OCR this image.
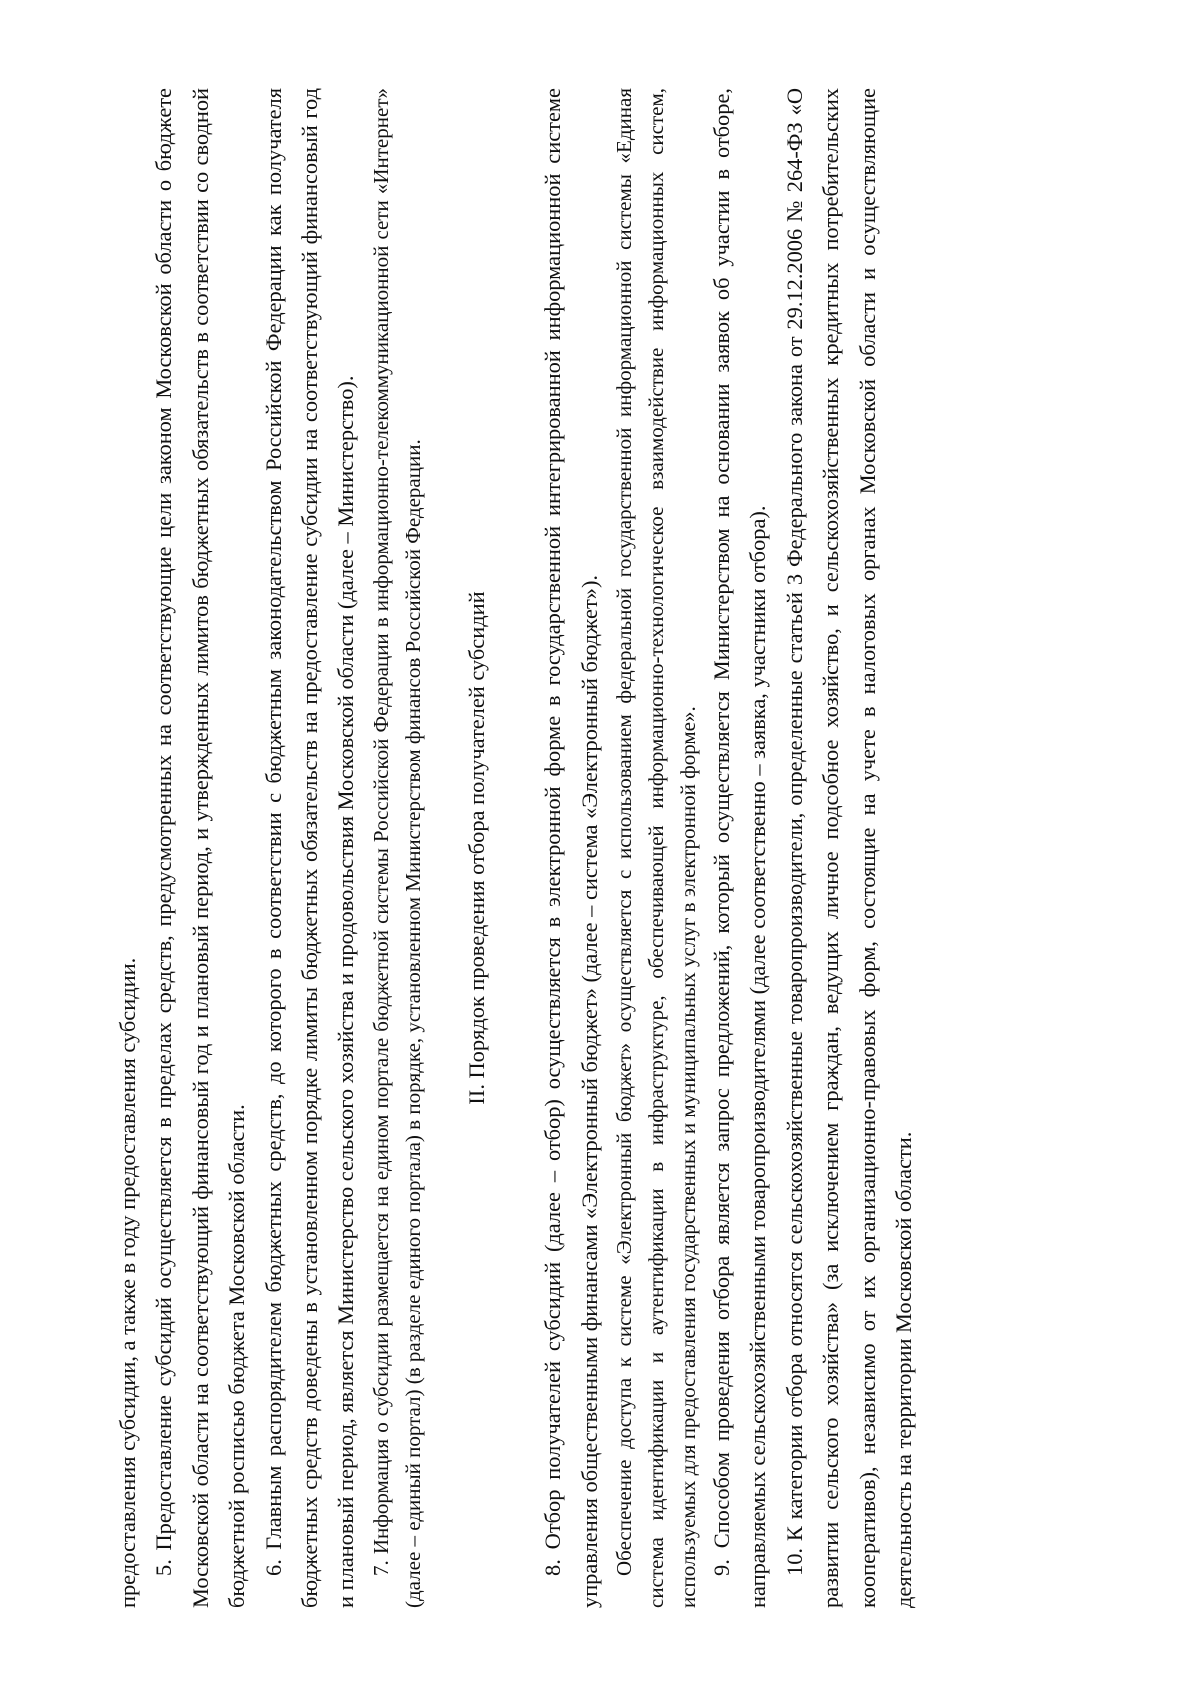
предоставления субсидии, а также в году предоставления субсидии. 5. Предоставление субсидий осуществляется в пределах средств, предусмотренных на соответствующие цели законом Московской области о бюджете Московской области на соответствующий финансовый год и плановый период, и утвержденных лимитов бюджетных обязательств в соответствии со сводной бюджетной росписью бюджета Московской области. 6. Главным распорядителем бюджетных средств, до которого в соответствии с бюджетным законодательством Российской Федерации как получателя бюджетных средств доведены в установленном порядке лимиты бюджетных обязательств на предоставление субсидии на соответствующий финансовый год и плановый период, является Министерство сельского хозяйства и продовольствия Московской области (далее – Министерство). 7. Информация о субсидии размещается на едином портале бюджетной системы Российской Федерации в информационно-телекоммуникационной сети «Интернет» (далее – единый портал) (в разделе единого портала) в порядке, установленном Министерством финансов Российской Федерации. II. Порядок проведения отбора получателей субсидий 8. Отбор получателей субсидий (далее – отбор) осуществляется в электронной форме в государственной интегрированной информационной системе управления общественными финансами «Электронный бюджет» (далее – система «Электронный бюджет»). Обеспечение доступа к системе «Электронный бюджет» осуществляется с использованием федеральной государственной информационной системы «Единая система идентификации и аутентификации в инфраструктуре, обеспечивающей информационно-технологическое взаимодействие информационных систем, используемых для предоставления государственных и муниципальных услуг в электронной форме». 9. Способом проведения отбора является запрос предложений, который осуществляется Министерством на основании заявок об участии в отборе, направляемых сельскохозяйственными товаропроизводителями (далее соответственно – заявка, участники отбора). 10. К категории отбора относятся сельскохозяйственные товаропроизводители, определенные статьей 3 Федерального закона от 29.12.2006 № 264-ФЗ «О развитии сельского хозяйства» (за исключением граждан, ведущих личное подсобное хозяйство, и сельскохозяйственных кредитных потребительских кооперативов), независимо от их организационно-правовых форм, состоящие на учете в налоговых органах Московской области и осуществляющие деятельность на территории Московской области.
